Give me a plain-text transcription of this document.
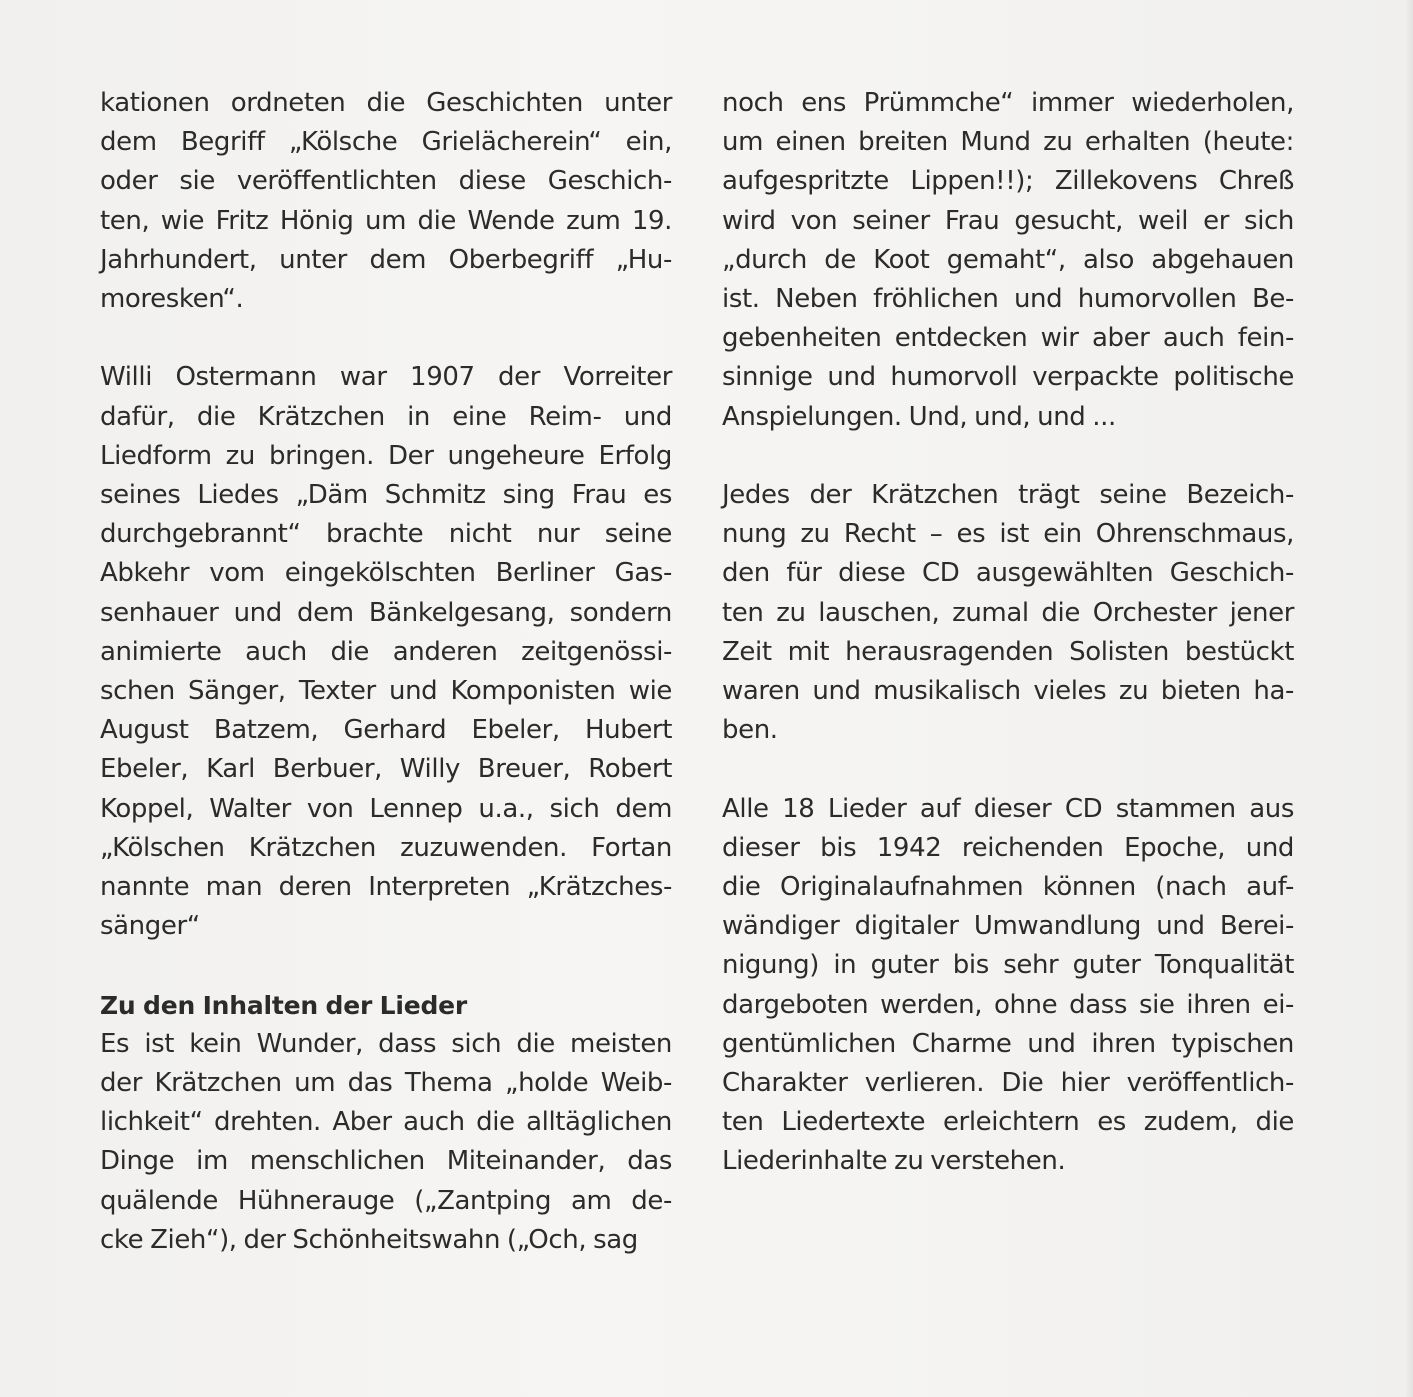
kationen ordneten die Geschichten unter
dem Begriff „Kölsche Grielächerein“ ein,
oder sie veröffentlichten diese Geschich-
ten, wie Fritz Hönig um die Wende zum 19.
Jahrhundert, unter dem Oberbegriff „Hu-
moresken“.
Willi Ostermann war 1907 der Vorreiter
dafür, die Krätzchen in eine Reim- und
Liedform zu bringen. Der ungeheure Erfolg
seines Liedes „Däm Schmitz sing Frau es
durchgebrannt“ brachte nicht nur seine
Abkehr vom eingekölschten Berliner Gas-
senhauer und dem Bänkelgesang, sondern
animierte auch die anderen zeitgenössi-
schen Sänger, Texter und Komponisten wie
August Batzem, Gerhard Ebeler, Hubert
Ebeler, Karl Berbuer, Willy Breuer, Robert
Koppel, Walter von Lennep u.a., sich dem
„Kölschen Krätzchen zuzuwenden. Fortan
nannte man deren Interpreten „Krätzches-
sänger“
Zu den Inhalten der Lieder
Es ist kein Wunder, dass sich die meisten
der Krätzchen um das Thema „holde Weib-
lichkeit“ drehten. Aber auch die alltäglichen
Dinge im menschlichen Miteinander, das
quälende Hühnerauge („Zantping am de-
cke Zieh“), der Schönheitswahn („Och, sag
noch ens Prümmche“ immer wiederholen,
um einen breiten Mund zu erhalten (heute:
aufgespritzte Lippen!!); Zillekovens Chreß
wird von seiner Frau gesucht, weil er sich
„durch de Koot gemaht“, also abgehauen
ist. Neben fröhlichen und humorvollen Be-
gebenheiten entdecken wir aber auch fein-
sinnige und humorvoll verpackte politische
Anspielungen. Und, und, und ...
Jedes der Krätzchen trägt seine Bezeich-
nung zu Recht – es ist ein Ohrenschmaus,
den für diese CD ausgewählten Geschich-
ten zu lauschen, zumal die Orchester jener
Zeit mit herausragenden Solisten bestückt
waren und musikalisch vieles zu bieten ha-
ben.
Alle 18 Lieder auf dieser CD stammen aus
dieser bis 1942 reichenden Epoche, und
die Originalaufnahmen können (nach auf-
wändiger digitaler Umwandlung und Berei-
nigung) in guter bis sehr guter Tonqualität
dargeboten werden, ohne dass sie ihren ei-
gentümlichen Charme und ihren typischen
Charakter verlieren. Die hier veröffentlich-
ten Liedertexte erleichtern es zudem, die
Liederinhalte zu verstehen.
